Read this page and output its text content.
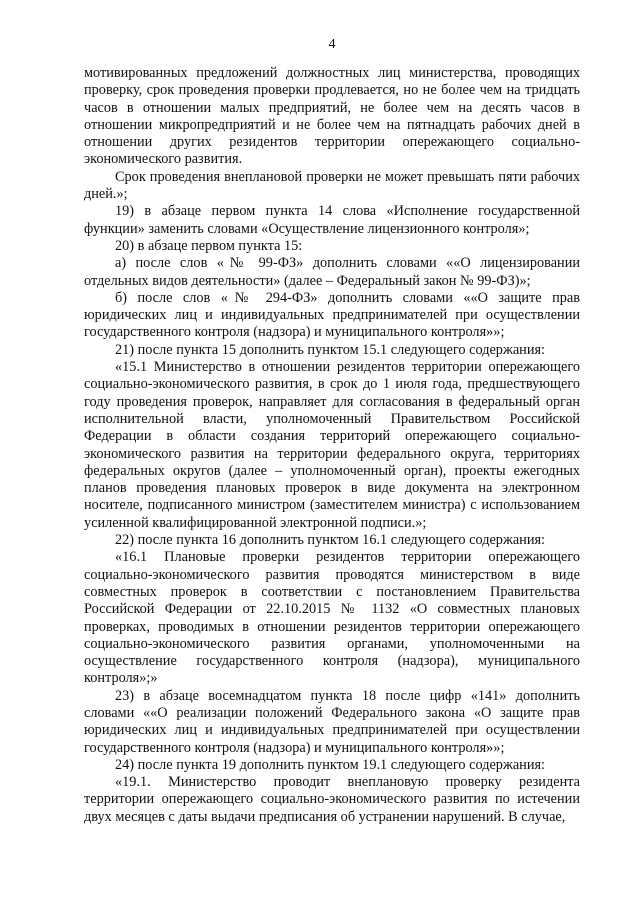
4

мотивированных предложений должностных лиц министерства, проводящих проверку, срок проведения проверки продлевается, но не более чем на тридцать часов в отношении малых предприятий, не более чем на десять часов в отношении микропредприятий и не более чем на пятнадцать рабочих дней в отношении других резидентов территории опережающего социально-экономического развития.

Срок проведения внеплановой проверки не может превышать пяти рабочих дней.»;

19) в абзаце первом пункта 14 слова «Исполнение государственной функции» заменить словами «Осуществление лицензионного контроля»;

20) в абзаце первом пункта 15:

а) после слов «№ 99-ФЗ» дополнить словами ««О лицензировании отдельных видов деятельности» (далее – Федеральный закон № 99-ФЗ)»;

б) после слов «№ 294-ФЗ» дополнить словами ««О защите прав юридических лиц и индивидуальных предпринимателей при осуществлении государственного контроля (надзора) и муниципального контроля»»;

21) после пункта 15 дополнить пунктом 15.1 следующего содержания:

«15.1 Министерство в отношении резидентов территории опережающего социально-экономического развития, в срок до 1 июля года, предшествующего году проведения проверок, направляет для согласования в федеральный орган исполнительной власти, уполномоченный Правительством Российской Федерации в области создания территорий опережающего социально-экономического развития на территории федерального округа, территориях федеральных округов (далее – уполномоченный орган), проекты ежегодных планов проведения плановых проверок в виде документа на электронном носителе, подписанного министром (заместителем министра) с использованием усиленной квалифицированной электронной подписи.»;

22) после пункта 16 дополнить пунктом 16.1 следующего содержания:

«16.1 Плановые проверки резидентов территории опережающего социально-экономического развития проводятся министерством в виде совместных проверок в соответствии с постановлением Правительства Российской Федерации от 22.10.2015 № 1132 «О совместных плановых проверках, проводимых в отношении резидентов территории опережающего социально-экономического развития органами, уполномоченными на осуществление государственного контроля (надзора), муниципального контроля»;»

23) в абзаце восемнадцатом пункта 18 после цифр «141» дополнить словами ««О реализации положений Федерального закона «О защите прав юридических лиц и индивидуальных предпринимателей при осуществлении государственного контроля (надзора) и муниципального контроля»»;

24) после пункта 19 дополнить пунктом 19.1 следующего содержания:

«19.1. Министерство проводит внеплановую проверку резидента территории опережающего социально-экономического развития по истечении двух месяцев с даты выдачи предписания об устранении нарушений. В случае,
